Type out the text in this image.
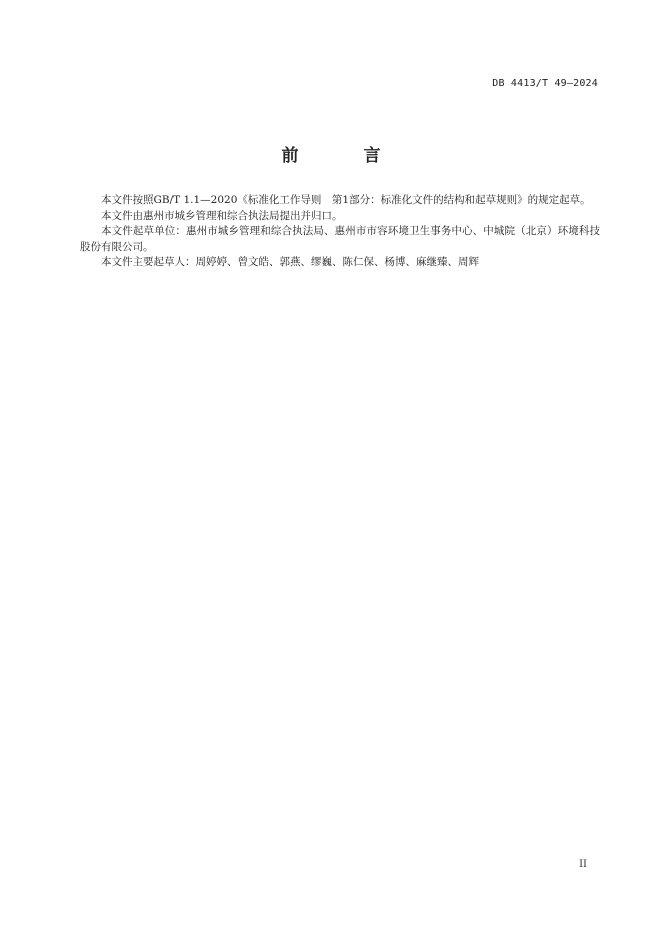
DB 4413/T 49—2024
前　言

本文件按照GB/T 1.1—2020《标准化工作导则　第1部分：标准化文件的结构和起草规则》的规定起草。

本文件由惠州市城乡管理和综合执法局提出并归口。

本文件起草单位：惠州市城乡管理和综合执法局、惠州市市容环境卫生事务中心、中城院（北京）环境科技股份有限公司。

本文件主要起草人：周婷婷、曾文皓、郭燕、缪巍、陈仁保、杨博、麻继臻、周辉

II
